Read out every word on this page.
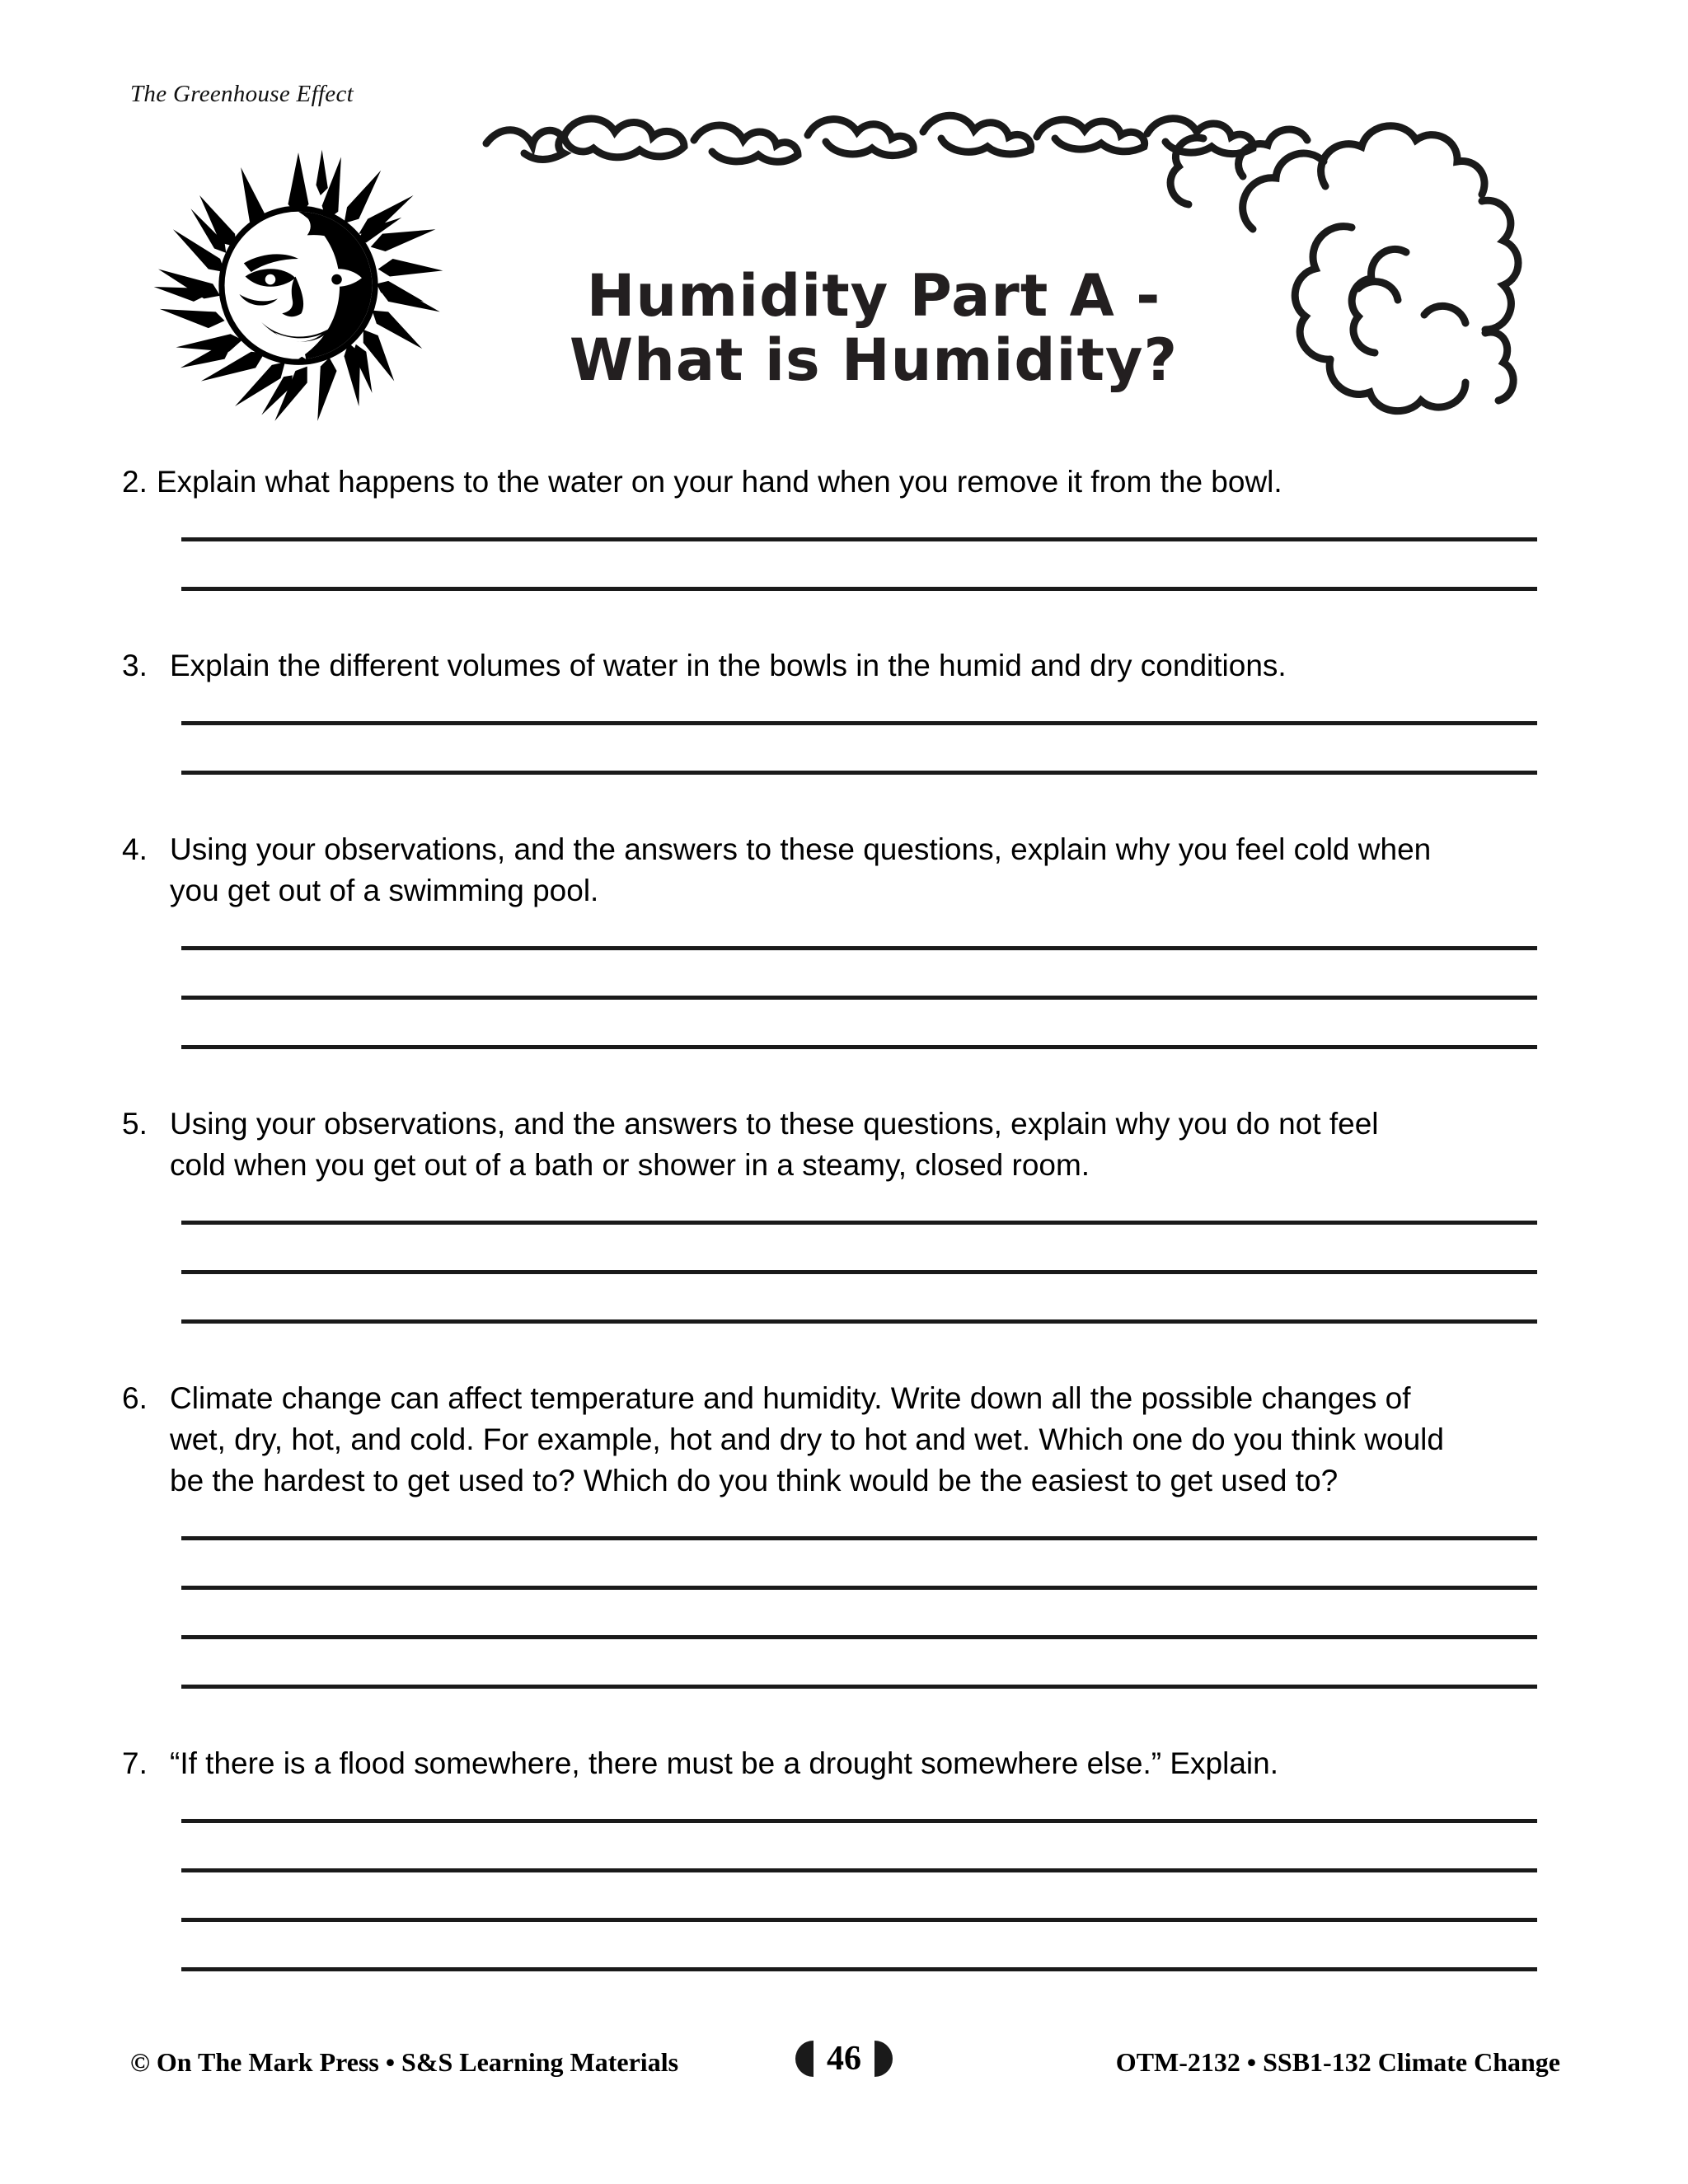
The Greenhouse Effect
Humidity Part A -
What is Humidity?
2. Explain what happens to the water on your hand when you remove it from the bowl.
3. Explain the different volumes of water in the bowls in the humid and dry conditions.
4. Using your observations, and the answers to these questions, explain why you feel cold when
you get out of a swimming pool.
5. Using your observations, and the answers to these questions, explain why you do not feel
cold when you get out of a bath or shower in a steamy, closed room.
6. Climate change can affect temperature and humidity. Write down all the possible changes of
wet, dry, hot, and cold. For example, hot and dry to hot and wet. Which one do you think would
be the hardest to get used to? Which do you think would be the easiest to get used to?
7. “If there is a flood somewhere, there must be a drought somewhere else.” Explain.
© On The Mark Press • S&S Learning Materials	46	OTM-2132 • SSB1-132 Climate Change
